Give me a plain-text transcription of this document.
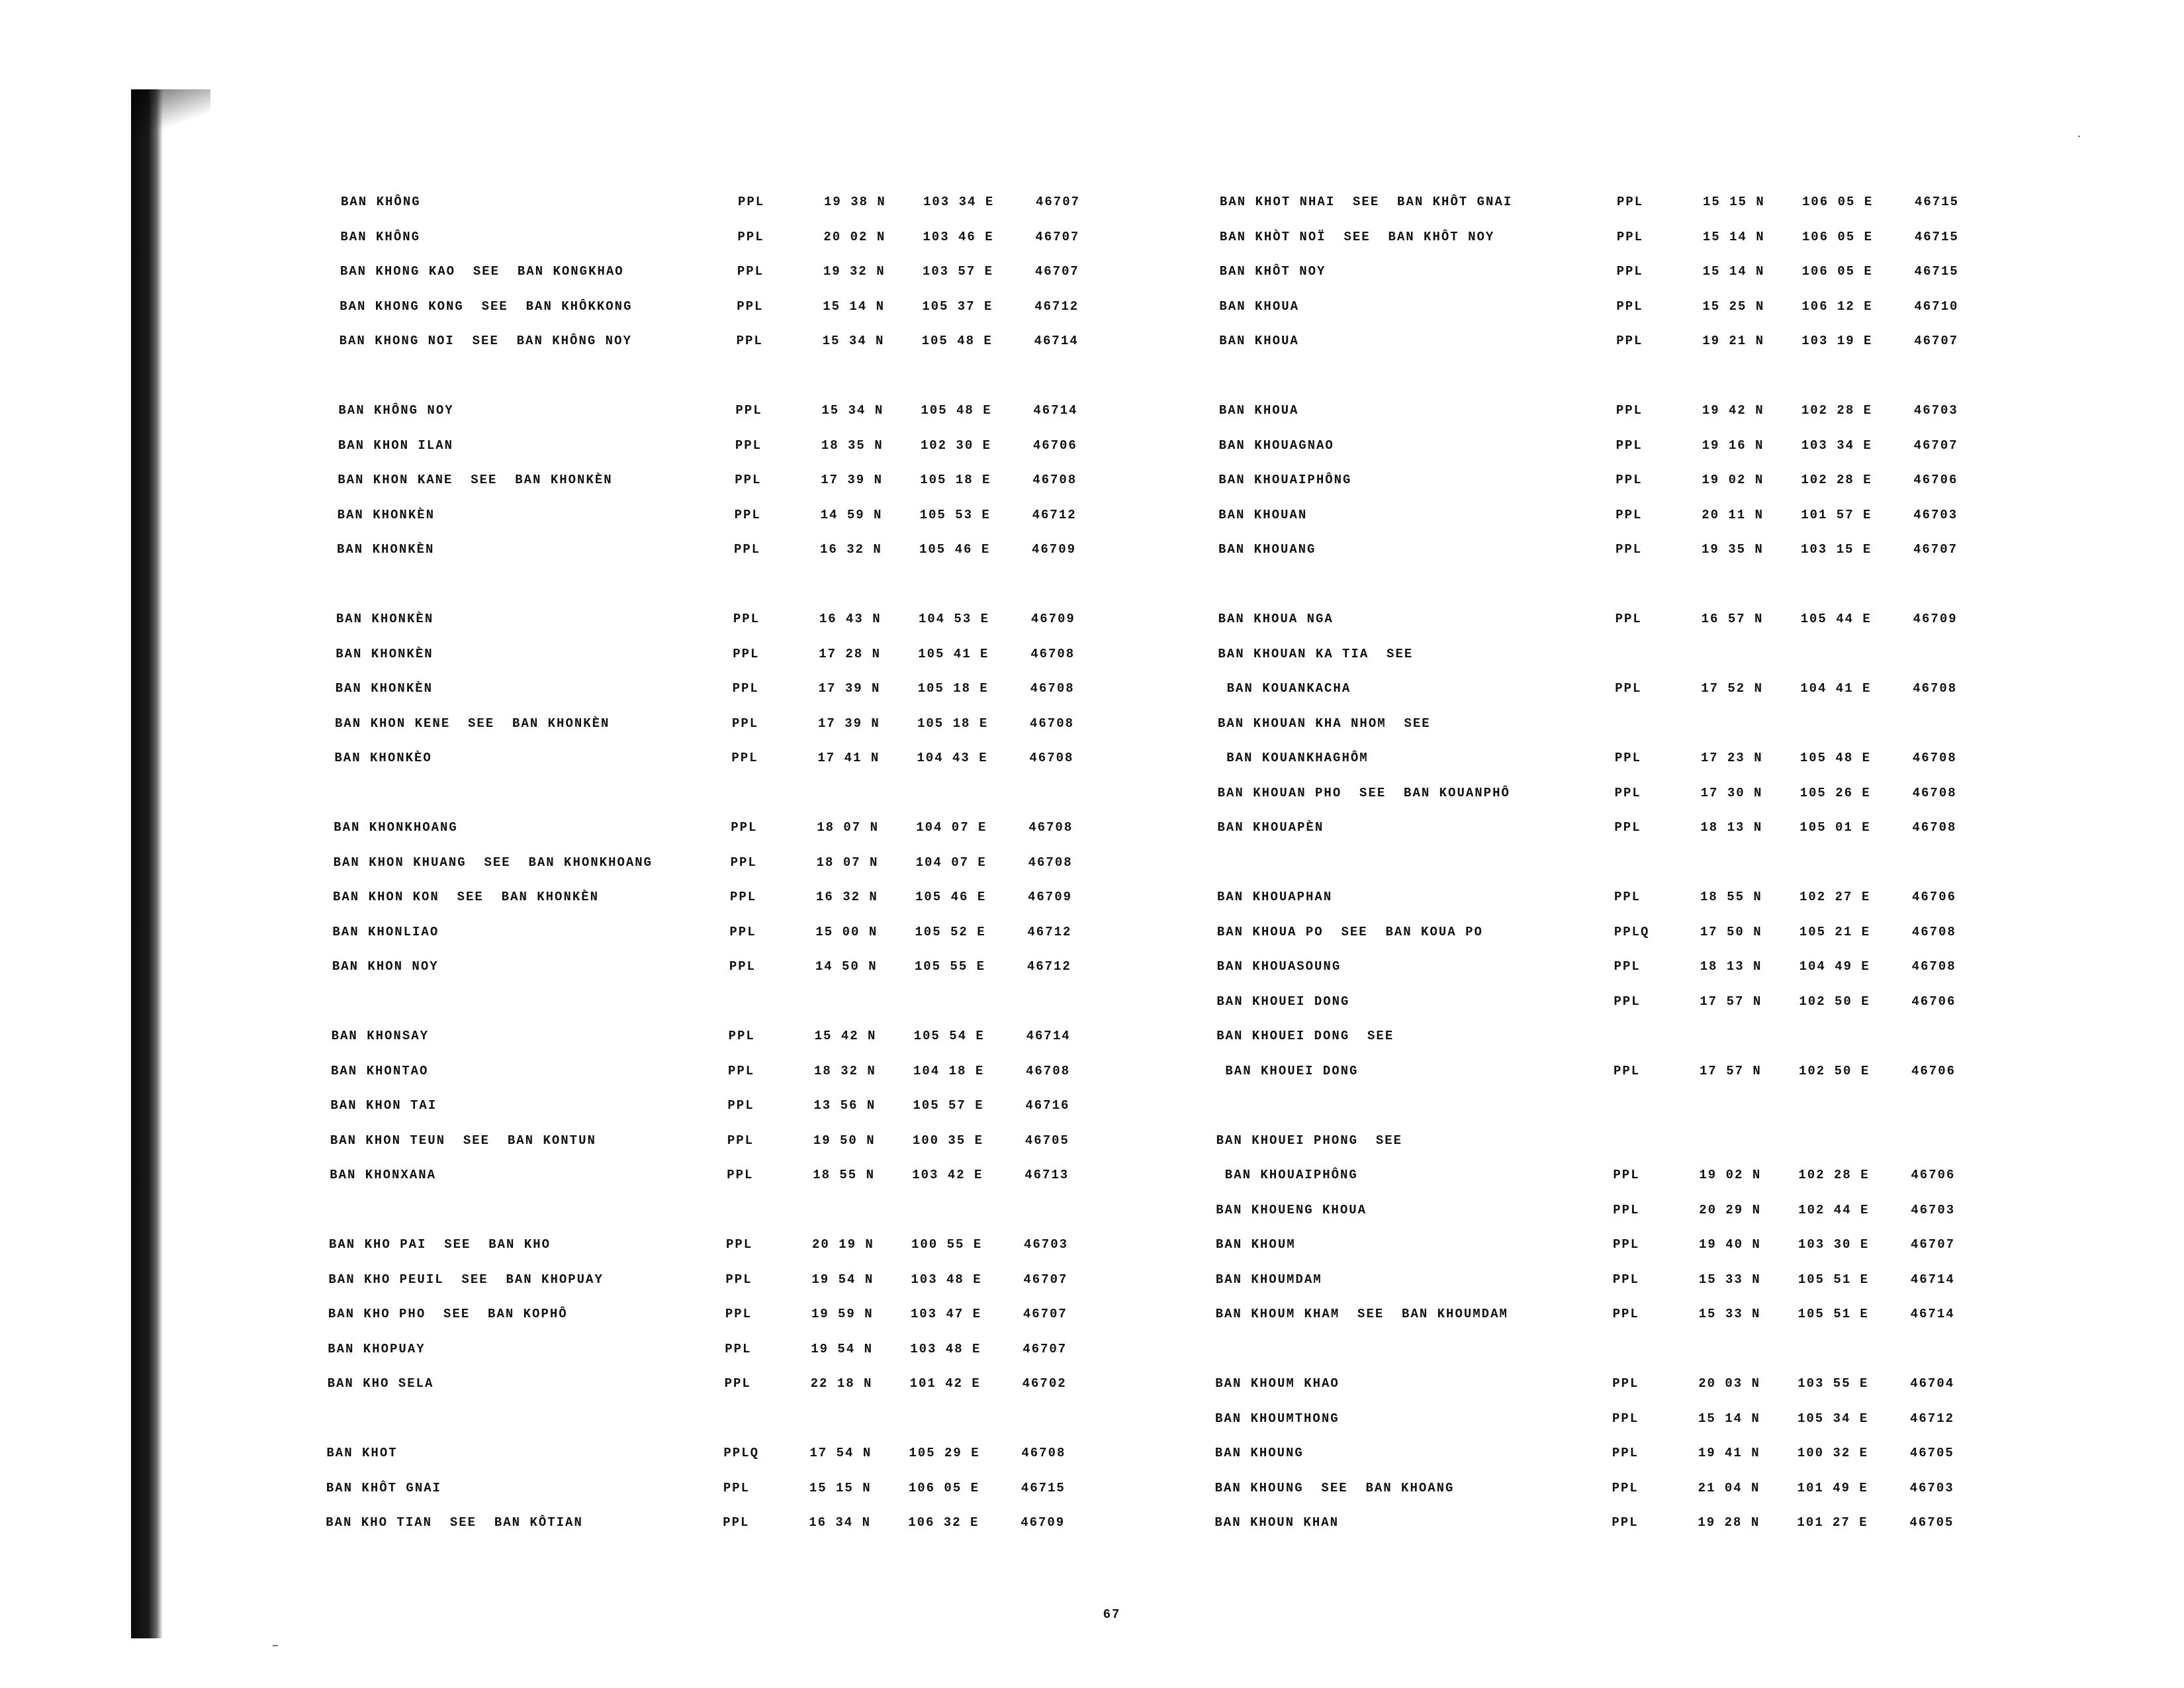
BAN KHÔNG	PPL	19 38 N	103 34 E	46707
BAN KHÔNG	PPL	20 02 N	103 46 E	46707
BAN KHONG KAO  SEE  BAN KONGKHAO	PPL	19 32 N	103 57 E	46707
BAN KHONG KONG  SEE  BAN KHÔKKONG	PPL	15 14 N	105 37 E	46712
BAN KHONG NOI  SEE  BAN KHÔNG NOY	PPL	15 34 N	105 48 E	46714
BAN KHÔNG NOY	PPL	15 34 N	105 48 E	46714
BAN KHON ILAN	PPL	18 35 N	102 30 E	46706
BAN KHON KANE  SEE  BAN KHONKÈN	PPL	17 39 N	105 18 E	46708
BAN KHONKÈN	PPL	14 59 N	105 53 E	46712
BAN KHONKÈN	PPL	16 32 N	105 46 E	46709
BAN KHONKÈN	PPL	16 43 N	104 53 E	46709
BAN KHONKÈN	PPL	17 28 N	105 41 E	46708
BAN KHONKÈN	PPL	17 39 N	105 18 E	46708
BAN KHON KENE  SEE  BAN KHONKÈN	PPL	17 39 N	105 18 E	46708
BAN KHONKÈO	PPL	17 41 N	104 43 E	46708
BAN KHONKHOANG	PPL	18 07 N	104 07 E	46708
BAN KHON KHUANG  SEE  BAN KHONKHOANG	PPL	18 07 N	104 07 E	46708
BAN KHON KON  SEE  BAN KHONKÈN	PPL	16 32 N	105 46 E	46709
BAN KHONLIAO	PPL	15 00 N	105 52 E	46712
BAN KHON NOY	PPL	14 50 N	105 55 E	46712
BAN KHONSAY	PPL	15 42 N	105 54 E	46714
BAN KHONTAO	PPL	18 32 N	104 18 E	46708
BAN KHON TAI	PPL	13 56 N	105 57 E	46716
BAN KHON TEUN  SEE  BAN KONTUN	PPL	19 50 N	100 35 E	46705
BAN KHONXANA	PPL	18 55 N	103 42 E	46713
BAN KHO PAI  SEE  BAN KHO	PPL	20 19 N	100 55 E	46703
BAN KHO PEUIL  SEE  BAN KHOPUAY	PPL	19 54 N	103 48 E	46707
BAN KHO PHO  SEE  BAN KOPHÔ	PPL	19 59 N	103 47 E	46707
BAN KHOPUAY	PPL	19 54 N	103 48 E	46707
BAN KHO SELA	PPL	22 18 N	101 42 E	46702
BAN KHOT	PPLQ	17 54 N	105 29 E	46708
BAN KHÔT GNAI	PPL	15 15 N	106 05 E	46715
BAN KHO TIAN  SEE  BAN KÔTIAN	PPL	16 34 N	106 32 E	46709
BAN KHOT NHAI  SEE  BAN KHÔT GNAI	PPL	15 15 N	106 05 E	46715
BAN KHÒT NOÏ  SEE  BAN KHÔT NOY	PPL	15 14 N	106 05 E	46715
BAN KHÔT NOY	PPL	15 14 N	106 05 E	46715
BAN KHOUA	PPL	15 25 N	106 12 E	46710
BAN KHOUA	PPL	19 21 N	103 19 E	46707
BAN KHOUA	PPL	19 42 N	102 28 E	46703
BAN KHOUAGNAO	PPL	19 16 N	103 34 E	46707
BAN KHOUAIPHÔNG	PPL	19 02 N	102 28 E	46706
BAN KHOUAN	PPL	20 11 N	101 57 E	46703
BAN KHOUANG	PPL	19 35 N	103 15 E	46707
BAN KHOUA NGA	PPL	16 57 N	105 44 E	46709
BAN KHOUAN KA TIA  SEE
BAN KOUANKACHA	PPL	17 52 N	104 41 E	46708
BAN KHOUAN KHA NHOM  SEE
BAN KOUANKHAGHÔM	PPL	17 23 N	105 48 E	46708
BAN KHOUAN PHO  SEE  BAN KOUANPHÔ	PPL	17 30 N	105 26 E	46708
BAN KHOUAPÈN	PPL	18 13 N	105 01 E	46708
BAN KHOUAPHAN	PPL	18 55 N	102 27 E	46706
BAN KHOUA PO  SEE  BAN KOUA PO	PPLQ	17 50 N	105 21 E	46708
BAN KHOUASOUNG	PPL	18 13 N	104 49 E	46708
BAN KHOUEI DONG	PPL	17 57 N	102 50 E	46706
BAN KHOUEI DONG  SEE
BAN KHOUEI DONG	PPL	17 57 N	102 50 E	46706
BAN KHOUEI PHONG  SEE
BAN KHOUAIPHÔNG	PPL	19 02 N	102 28 E	46706
BAN KHOUENG KHOUA	PPL	20 29 N	102 44 E	46703
BAN KHOUM	PPL	19 40 N	103 30 E	46707
BAN KHOUMDAM	PPL	15 33 N	105 51 E	46714
BAN KHOUM KHAM  SEE  BAN KHOUMDAM	PPL	15 33 N	105 51 E	46714
BAN KHOUM KHAO	PPL	20 03 N	103 55 E	46704
BAN KHOUMTHONG	PPL	15 14 N	105 34 E	46712
BAN KHOUNG	PPL	19 41 N	100 32 E	46705
BAN KHOUNG  SEE  BAN KHOANG	PPL	21 04 N	101 49 E	46703
BAN KHOUN KHAN	PPL	19 28 N	101 27 E	46705
67
